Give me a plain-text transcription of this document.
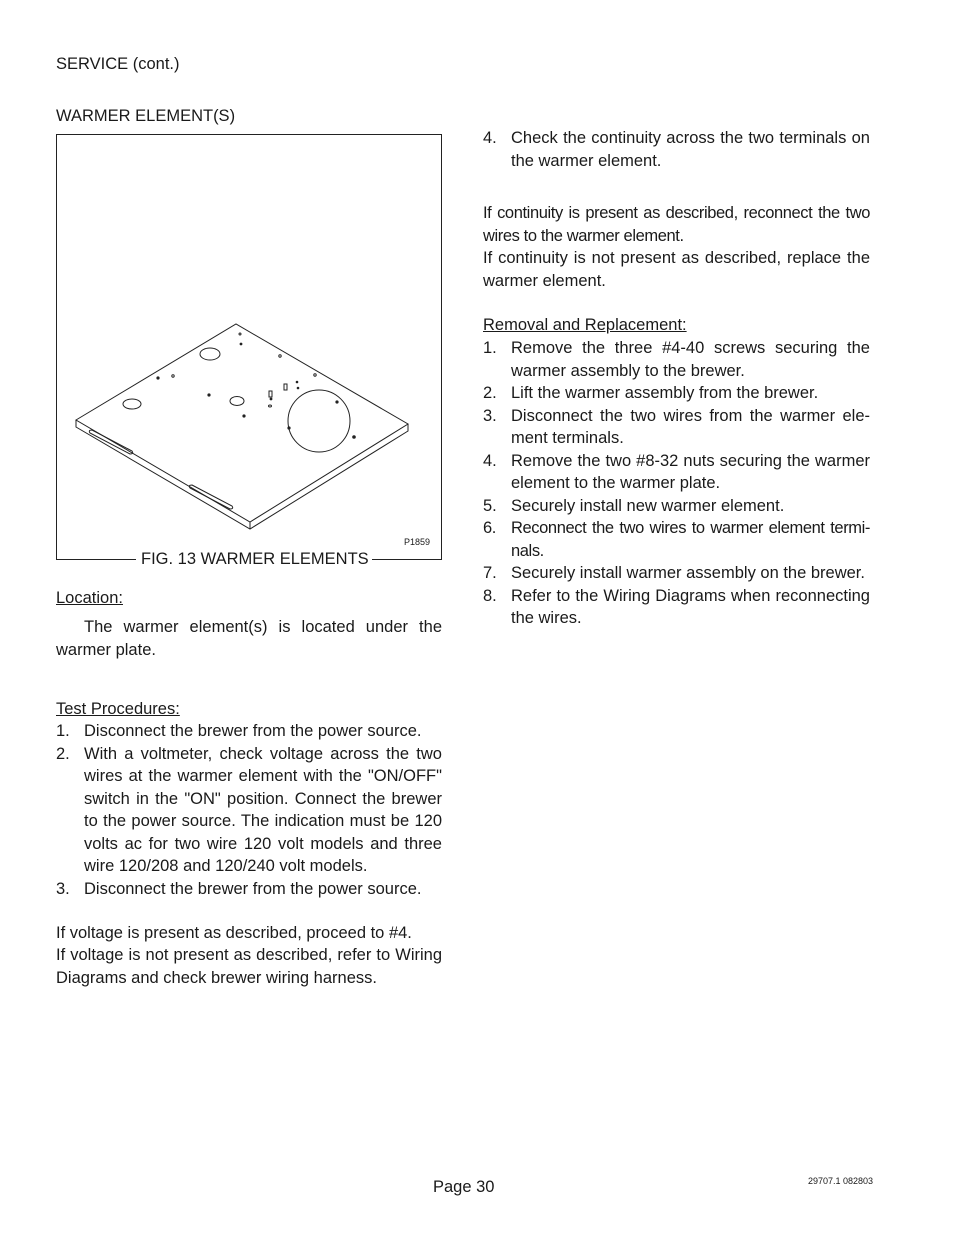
SERVICE (cont.)
WARMER ELEMENT(S)
P1859
FIG. 13 WARMER ELEMENTS
Location:
The warmer element(s) is located under the warmer plate.
Test Procedures:
1. Disconnect the brewer from the power source.
2. With a voltmeter, check voltage across the two wires at the warmer element with the "ON/OFF" switch in the "ON" position. Connect the brewer to the power source. The indication must be 120 volts ac for two wire 120 volt models and three wire 120/208 and 120/240 volt models.
3. Disconnect the brewer from the power source.
If voltage is present as described, proceed to #4.
If voltage is not present as described, refer to Wiring Diagrams and check brewer wiring harness.
4. Check the continuity across the two terminals on the warmer element.
If continuity is present as described, reconnect the two wires to the warmer element.
If continuity is not present as described, replace the warmer element.
Removal and Replacement:
1. Remove the three #4-40 screws securing the warmer assembly to the brewer.
2. Lift the warmer assembly from the brewer.
3. Disconnect the two wires from the warmer ele-ment terminals.
4. Remove the two #8-32 nuts securing the warmer element to the warmer plate.
5. Securely install new warmer element.
6. Reconnect the two wires to warmer element termi-nals.
7. Securely install warmer assembly on the brewer.
8. Refer to the Wiring Diagrams when reconnecting the wires.
Page 30	29707.1 082803
